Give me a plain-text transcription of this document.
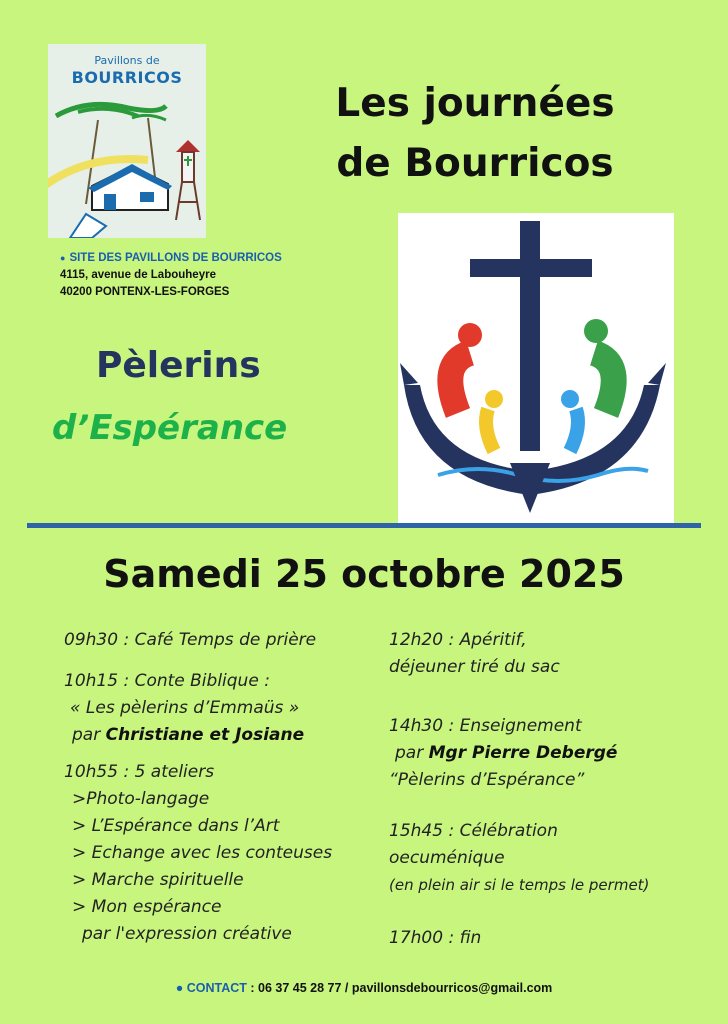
Pavillons de
BOURRICOS
● SITE DES PAVILLONS DE BOURRICOS
4115, avenue de Labouheyre
40200 PONTENX-LES-FORGES
Les journées
de Bourricos
Pèlerins
d’Espérance
Samedi 25 octobre 2025
09h30 : Café Temps de prière
10h15 : Conte Biblique :
« Les pèlerins d’Emmaüs »
par Christiane et Josiane
10h55 : 5 ateliers
>Photo-langage
> L’Espérance dans l’Art
> Echange avec les conteuses
> Marche spirituelle
> Mon espérance
par l'expression créative
12h20 : Apéritif,
déjeuner tiré du sac
14h30 : Enseignement
par Mgr Pierre Debergé
“Pèlerins d’Espérance”
15h45 : Célébration
oecuménique
(en plein air si le temps le permet)
17h00 : fin
● CONTACT : 06 37 45 28 77 / pavillonsdebourricos@gmail.com
